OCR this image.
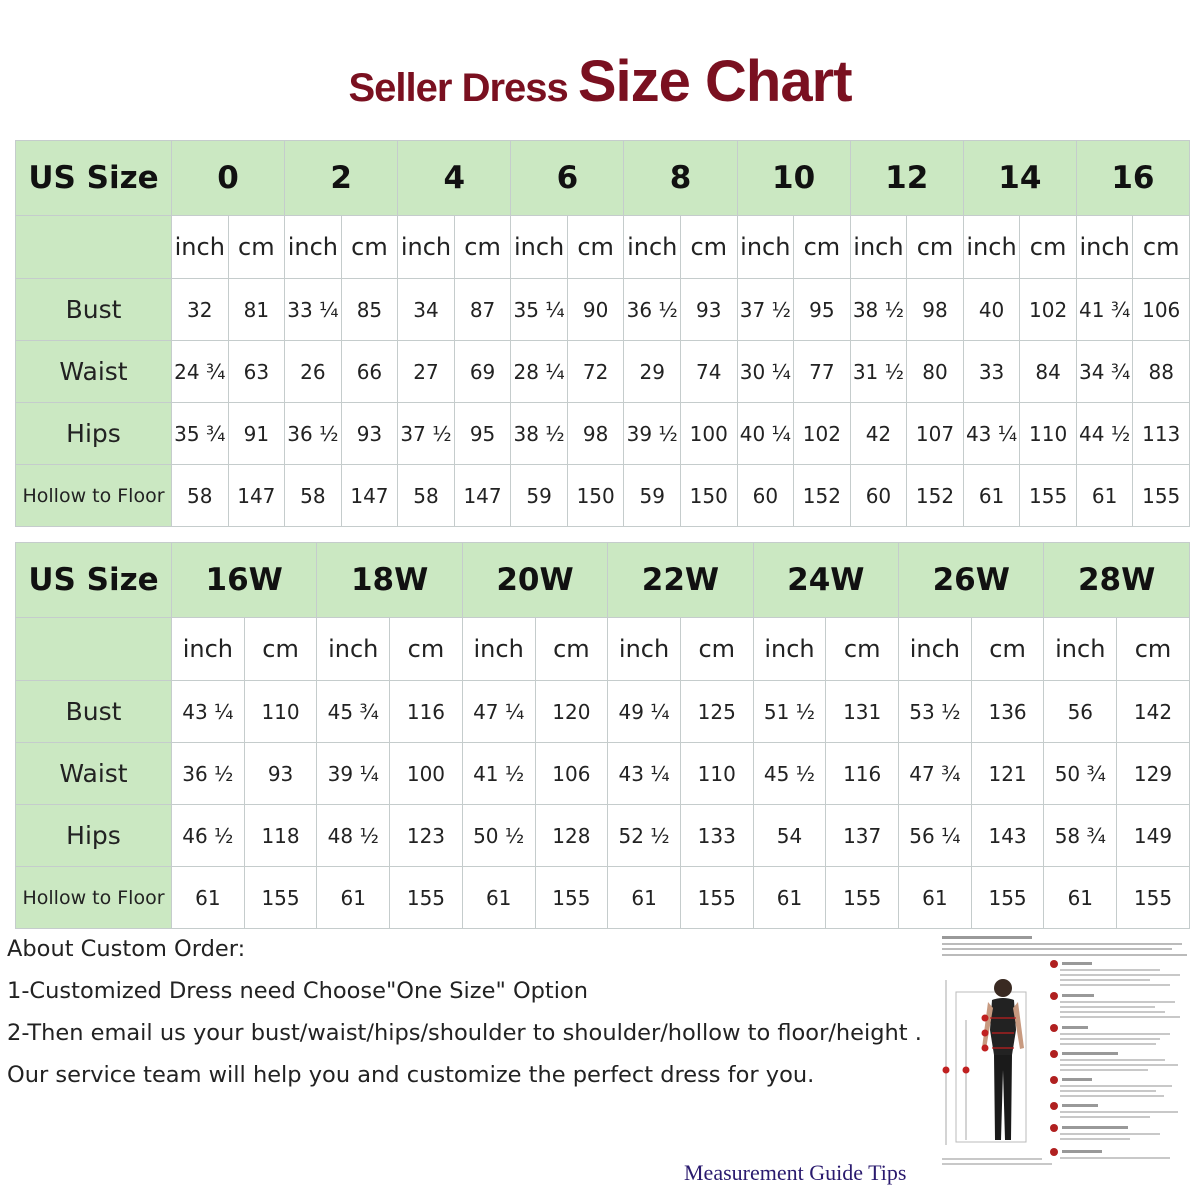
Seller Dress Size Chart
US Size	0		2		4		6		8		10		12		14		16	
	inch	cm	inch	cm	inch	cm	inch	cm	inch	cm	inch	cm	inch	cm	inch	cm	inch	cm
Bust	32	81	33 ¼	85	34	87	35 ¼	90	36 ½	93	37 ½	95	38 ½	98	40	102	41 ¾	106
Waist	24 ¾	63	26	66	27	69	28 ¼	72	29	74	30 ¼	77	31 ½	80	33	84	34 ¾	88
Hips	35 ¾	91	36 ½	93	37 ½	95	38 ½	98	39 ½	100	40 ¼	102	42	107	43 ¼	110	44 ½	113
Hollow to Floor	58	147	58	147	58	147	59	150	59	150	60	152	60	152	61	155	61	155
US Size	16W		18W		20W		22W		24W		26W		28W	
	inch	cm	inch	cm	inch	cm	inch	cm	inch	cm	inch	cm	inch	cm
Bust	43 ¼	110	45 ¾	116	47 ¼	120	49 ¼	125	51 ½	131	53 ½	136	56	142
Waist	36 ½	93	39 ¼	100	41 ½	106	43 ¼	110	45 ½	116	47 ¾	121	50 ¾	129
Hips	46 ½	118	48 ½	123	50 ½	128	52 ½	133	54	137	56 ¼	143	58 ¾	149
Hollow to Floor	61	155	61	155	61	155	61	155	61	155	61	155	61	155
About Custom Order:
1-Customized Dress need Choose"One Size" Option
2-Then email us your bust/waist/hips/shoulder to shoulder/hollow to floor/height .
Our service team will help you and customize the perfect dress for you.
Measurement Guide Tips
